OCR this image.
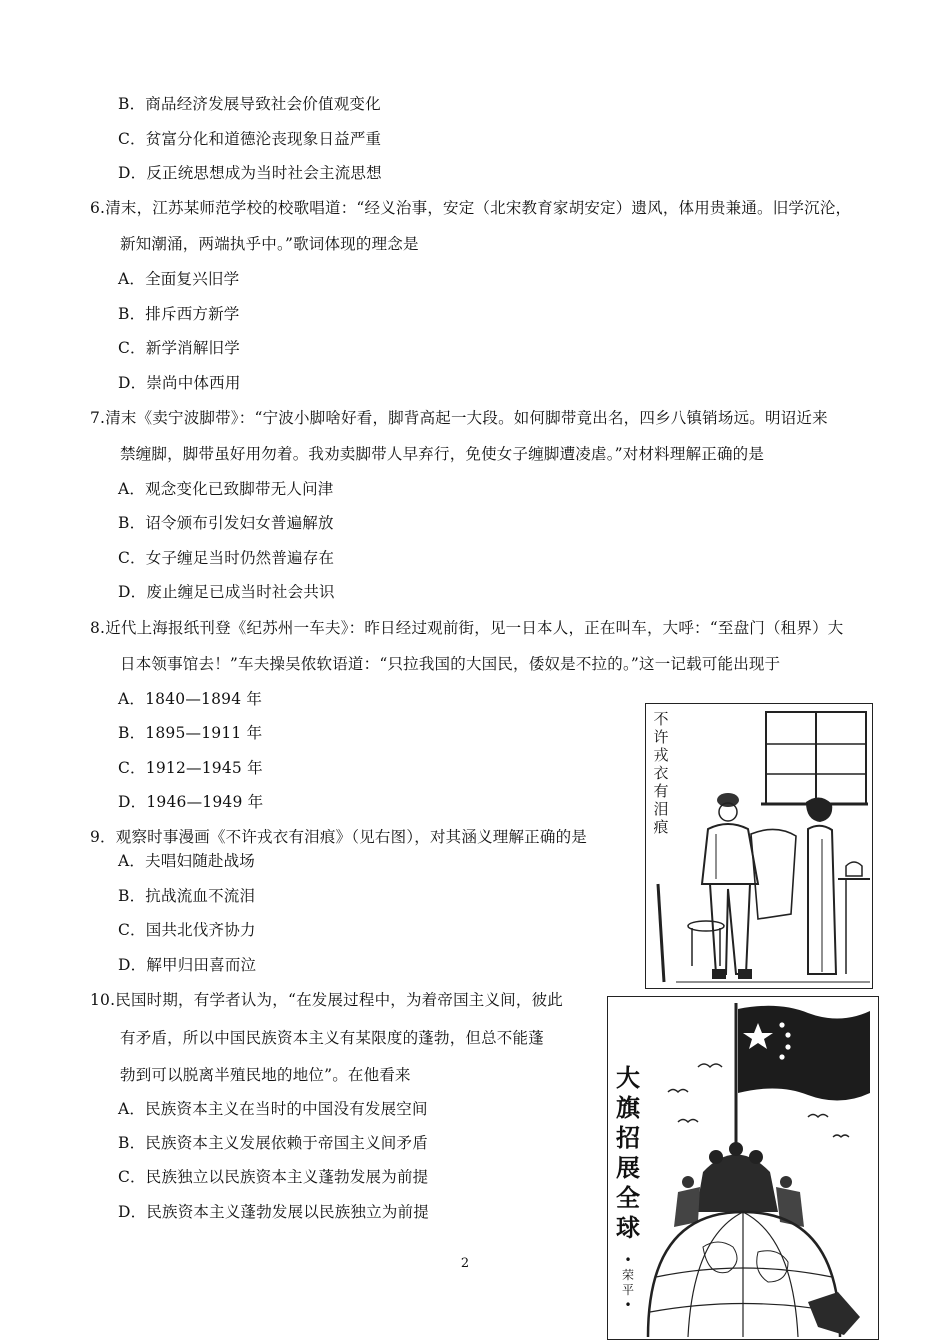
B．商品经济发展导致社会价值观变化
C．贫富分化和道德沦丧现象日益严重
D．反正统思想成为当时社会主流思想
6.清末，江苏某师范学校的校歌唱道：“经义治事，安定（北宋教育家胡安定）遗风，体用贵兼通。旧学沉沦，
新知潮涌，两端执乎中。”歌词体现的理念是
A．全面复兴旧学
B．排斥西方新学
C．新学消解旧学
D．崇尚中体西用
7.清末《卖宁波脚带》：“宁波小脚啥好看，脚背高起一大段。如何脚带竟出名，四乡八镇销场远。明诏近来
禁缠脚，脚带虽好用勿着。我劝卖脚带人早弃行，免使女子缠脚遭凌虐。”对材料理解正确的是
A．观念变化已致脚带无人问津
B．诏令颁布引发妇女普遍解放
C．女子缠足当时仍然普遍存在
D．废止缠足已成当时社会共识
8.近代上海报纸刊登《纪苏州一车夫》：昨日经过观前街，见一日本人，正在叫车，大呼：“至盘门（租界）大
日本领事馆去！”车夫操吴侬软语道：“只拉我国的大国民，倭奴是不拉的。”这一记载可能出现于
A．1840—1894 年
B．1895—1911 年
C．1912—1945 年
D．1946—1949 年
9．观察时事漫画《不许戎衣有泪痕》（见右图），对其涵义理解正确的是
A．夫唱妇随赴战场
B．抗战流血不流泪
C．国共北伐齐协力
D．解甲归田喜而泣
10.民国时期，有学者认为，“在发展过程中，为着帝国主义间，彼此
有矛盾，所以中国民族资本主义有某限度的蓬勃，但总不能蓬
勃到可以脱离半殖民地的地位”。在他看来
A．民族资本主义在当时的中国没有发展空间
B．民族资本主义发展依赖于帝国主义间矛盾
C．民族独立以民族资本主义蓬勃发展为前提
D．民族资本主义蓬勃发展以民族独立为前提
不
许
戎
衣
有
泪
痕
大
旗
招
展
全
球
•
荣
平
•
2
